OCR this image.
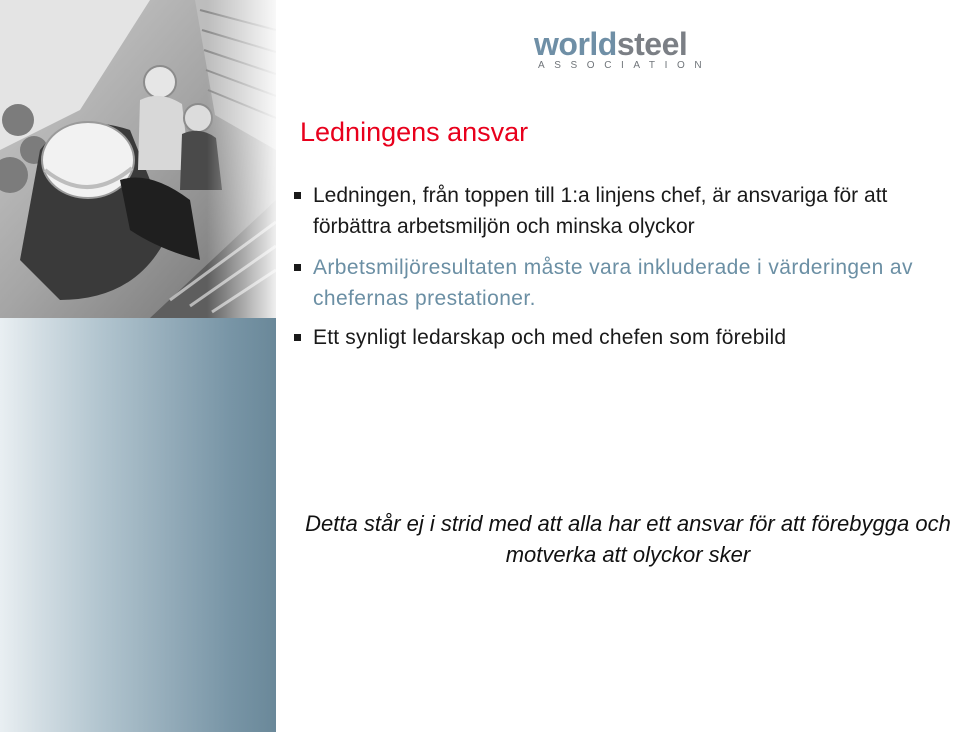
worldsteel
ASSOCIATION
Ledningens ansvar
Ledningen, från toppen till 1:a linjens chef, är ansvariga för att förbättra arbetsmiljön och minska olyckor
Arbetsmiljöresultaten måste vara inkluderade i värderingen av chefernas prestationer.
Ett synligt ledarskap och med chefen som förebild

Detta står ej i strid med att alla har ett ansvar för att förebygga och motverka att olyckor sker
